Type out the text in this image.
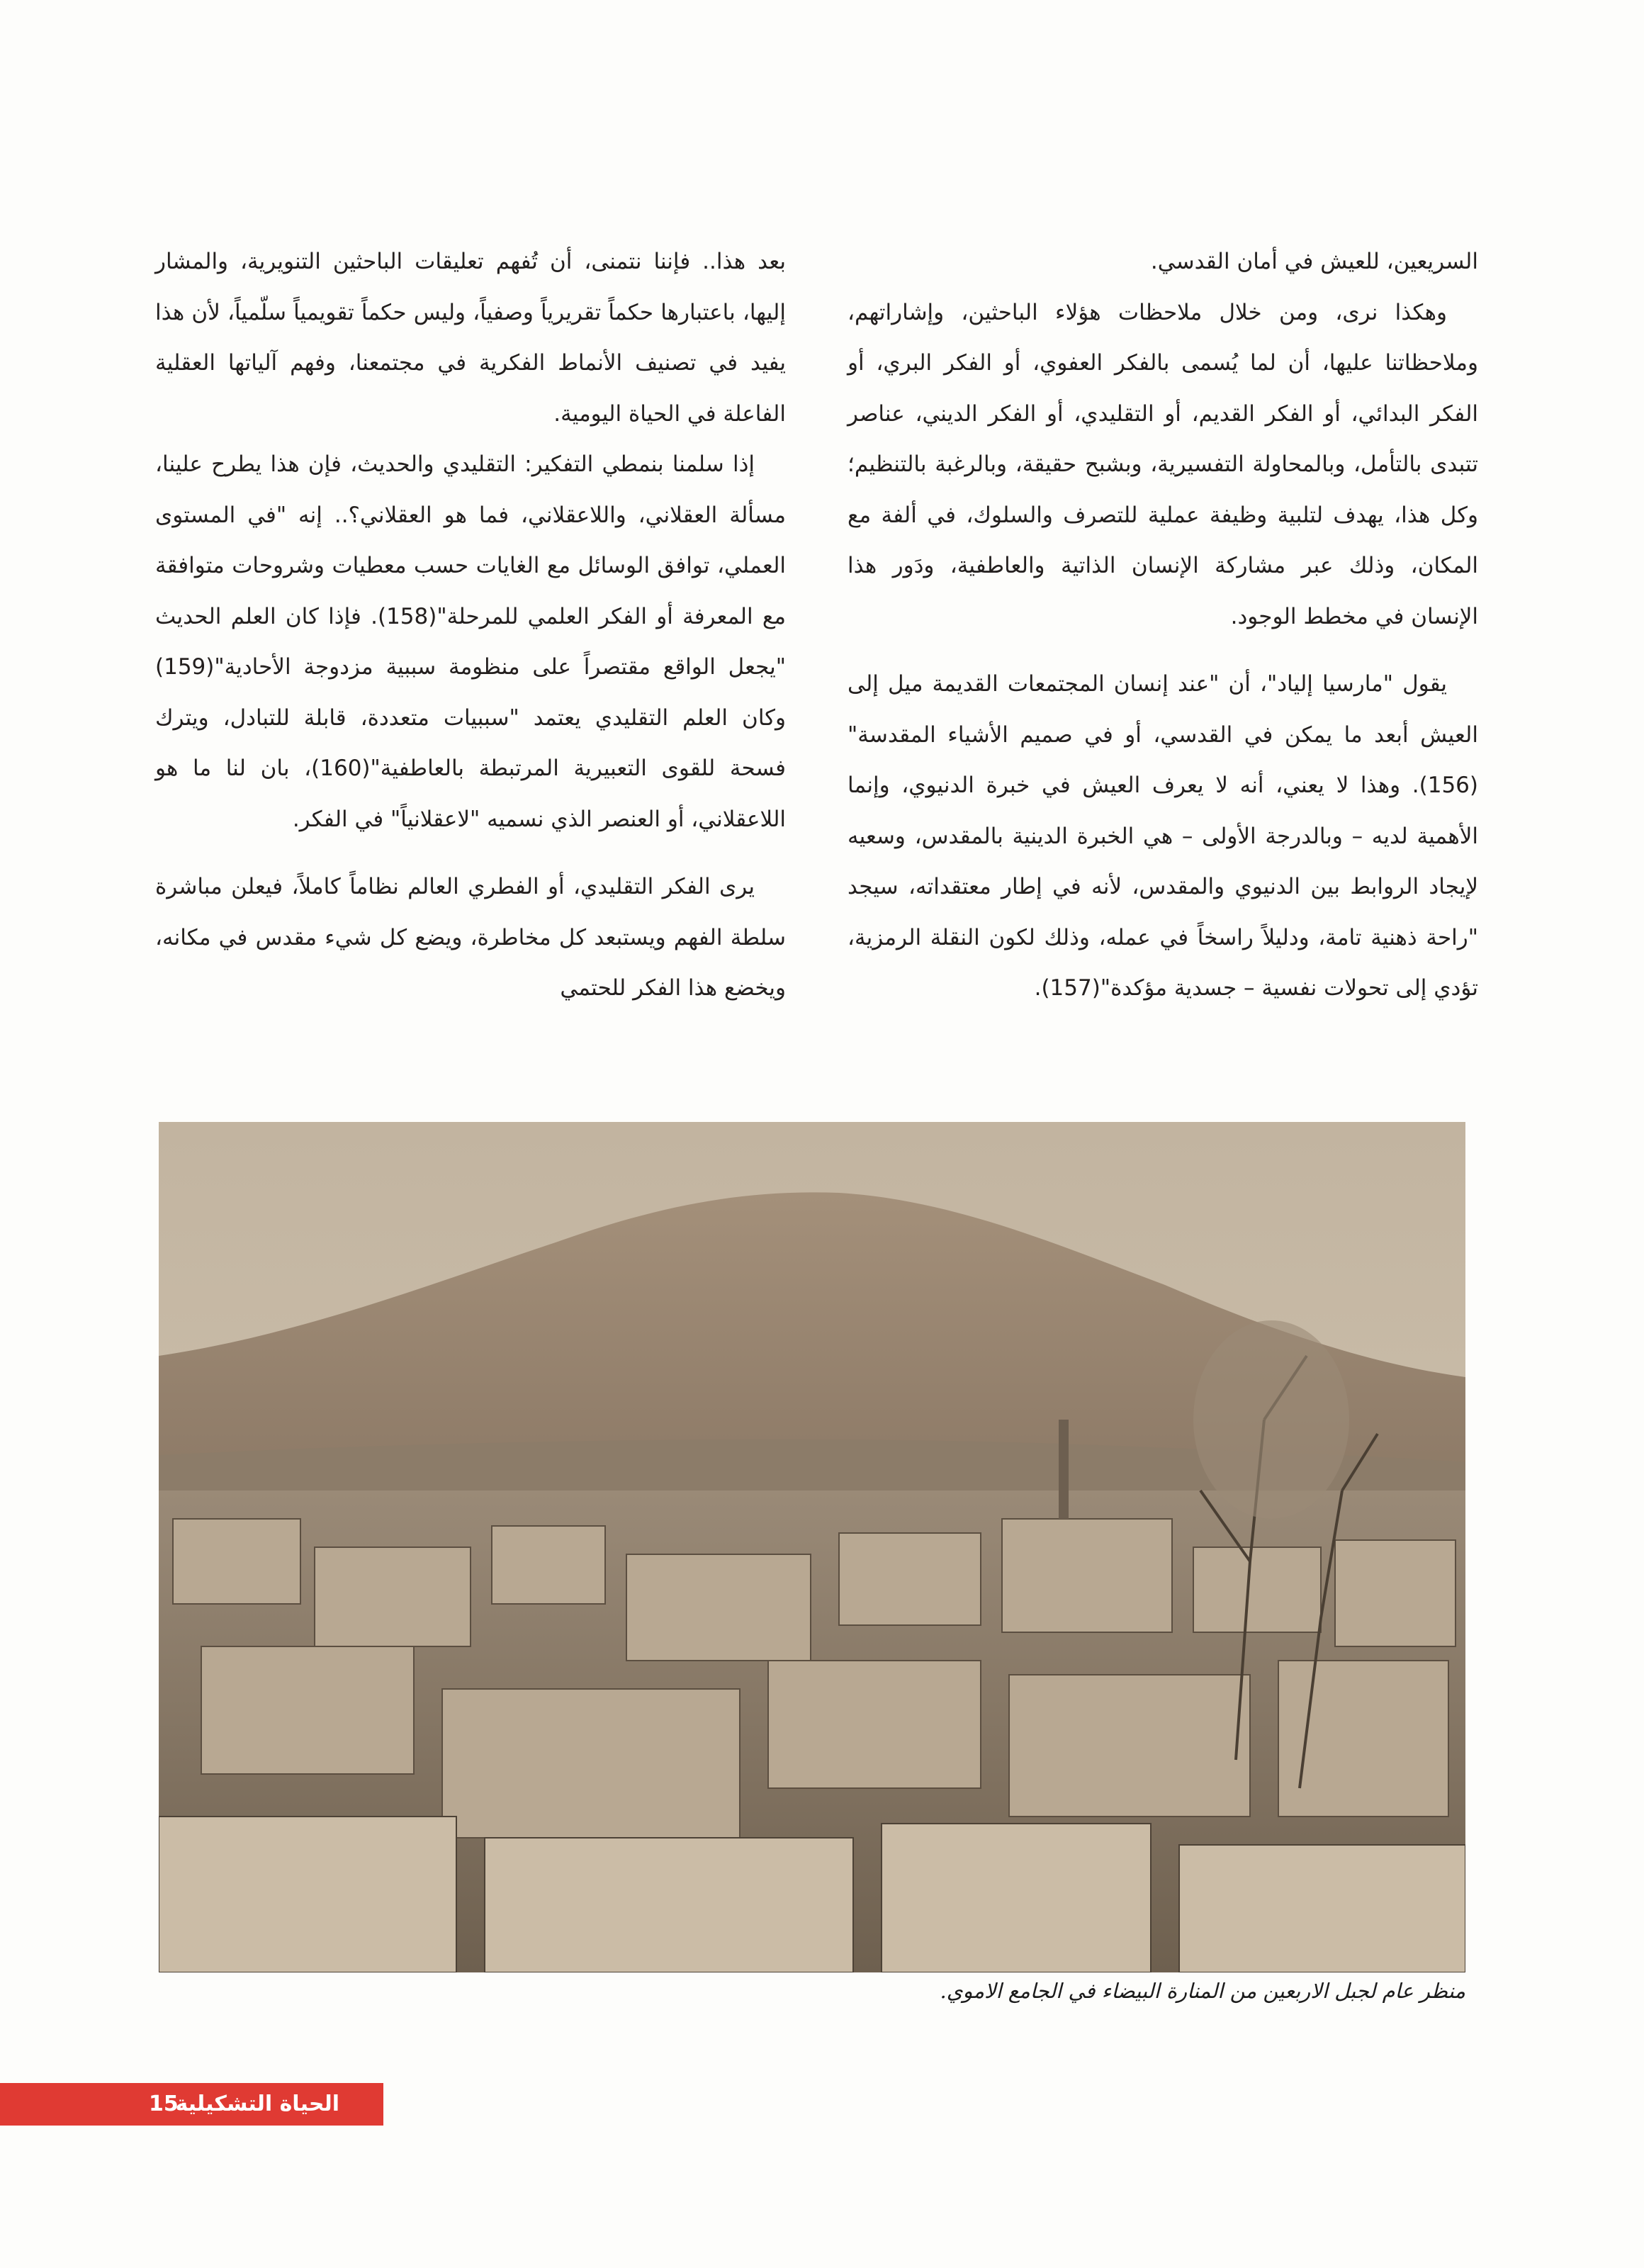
السريعين، للعيش في أمان القدسي.

وهكذا نرى، ومن خلال ملاحظات هؤلاء الباحثين، وإشاراتهم، وملاحظاتنا عليها، أن لما يُسمى بالفكر العفوي، أو الفكر البري، أو الفكر البدائي، أو الفكر القديم، أو التقليدي، أو الفكر الديني، عناصر تتبدى بالتأمل، وبالمحاولة التفسيرية، وبشبح حقيقة، وبالرغبة بالتنظيم؛ وكل هذا، يهدف لتلبية وظيفة عملية للتصرف والسلوك، في ألفة مع المكان، وذلك عبر مشاركة الإنسان الذاتية والعاطفية، ودَور هذا الإنسان في مخطط الوجود.

يقول "مارسيا إلياد"، أن "عند إنسان المجتمعات القديمة ميل إلى العيش أبعد ما يمكن في القدسي، أو في صميم الأشياء المقدسة"(156). وهذا لا يعني، أنه لا يعرف العيش في خبرة الدنيوي، وإنما الأهمية لديه – وبالدرجة الأولى – هي الخبرة الدينية بالمقدس، وسعيه لإيجاد الروابط بين الدنيوي والمقدس، لأنه في إطار معتقداته، سيجد "راحة ذهنية تامة، ودليلاً راسخاً في عمله، وذلك لكون النقلة الرمزية، تؤدي إلى تحولات نفسية – جسدية مؤكدة"(157).

بعد هذا.. فإننا نتمنى، أن تُفهم تعليقات الباحثين التنويرية، والمشار إليها، باعتبارها حكماً تقريرياً وصفياً، وليس حكماً تقويمياً سلّمياً، لأن هذا يفيد في تصنيف الأنماط الفكرية في مجتمعنا، وفهم آلياتها العقلية الفاعلة في الحياة اليومية.

إذا سلمنا بنمطي التفكير: التقليدي والحديث، فإن هذا يطرح علينا، مسألة العقلاني، واللاعقلاني، فما هو العقلاني؟.. إنه "في المستوى العملي، توافق الوسائل مع الغايات حسب معطيات وشروحات متوافقة مع المعرفة أو الفكر العلمي للمرحلة"(158). فإذا كان العلم الحديث "يجعل الواقع مقتصراً على منظومة سببية مزدوجة الأحادية"(159) وكان العلم التقليدي يعتمد "سببيات متعددة، قابلة للتبادل، ويترك فسحة للقوى التعبيرية المرتبطة بالعاطفية"(160)، بان لنا ما هو اللاعقلاني، أو العنصر الذي نسميه "لاعقلانياً" في الفكر.

يرى الفكر التقليدي، أو الفطري العالم نظاماً كاملاً، فيعلن مباشرة سلطة الفهم ويستبعد كل مخاطرة، ويضع كل شيء مقدس في مكانه، ويخضع هذا الفكر للحتمي

منظر عام لجبل الاربعين من المنارة البيضاء في الجامع الاموي.

الحياة التشكيلية
15
